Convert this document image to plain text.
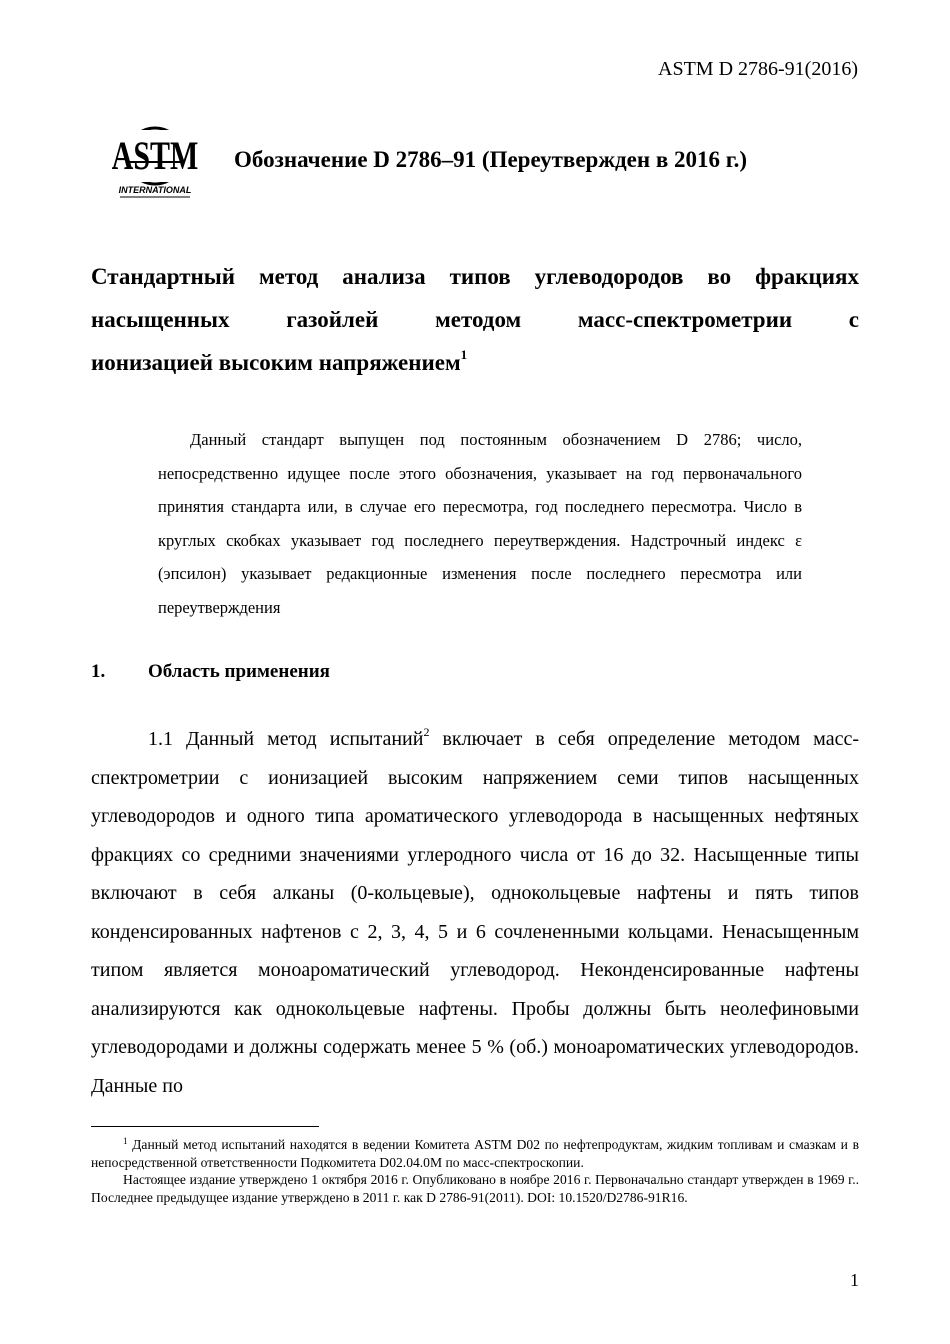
ASTM D 2786-91(2016)
ASTM
INTERNATIONAL
Обозначение D 2786–91 (Переутвержден в 2016 г.)
Стандартный метод анализа типов углеводородов во фракциях
насыщенных газойлей методом масс-спектрометрии с
ионизацией высоким напряжением$^1$
Данный стандарт выпущен под постоянным обозначением D 2786; число, непосредственно идущее после этого обозначения, указывает на год первоначального принятия стандарта или, в случае его пересмотра, год последнего пересмотра. Число в круглых скобках указывает год последнего переутверждения. Надстрочный индекс ε (эпсилон) указывает редакционные изменения после последнего пересмотра или переутверждения
1. Область применения
1.1 Данный метод испытаний$^2$ включает в себя определение методом масс-спектрометрии с ионизацией высоким напряжением семи типов насыщенных углеводородов и одного типа ароматического углеводорода в насыщенных нефтяных фракциях со средними значениями углеродного числа от 16 до 32. Насыщенные типы включают в себя алканы (0-кольцевые), однокольцевые нафтены и пять типов конденсированных нафтенов с 2, 3, 4, 5 и 6 сочлененными кольцами. Ненасыщенным типом является моноароматический углеводород. Неконденсированные нафтены анализируются как однокольцевые нафтены. Пробы должны быть неолефиновыми углеводородами и должны содержать менее 5 % (об.) моноароматических углеводородов. Данные по

$^1$ Данный метод испытаний находятся в ведении Комитета ASTM D02 по нефтепродуктам, жидким топливам и смазкам и в непосредственной ответственности Подкомитета D02.04.0M по масс-спектроскопии.

Настоящее издание утверждено 1 октября 2016 г. Опубликовано в ноябре 2016 г. Первоначально стандарт утвержден в 1969 г.. Последнее предыдущее издание утверждено в 2011 г. как D 2786-91(2011). DOI: 10.1520/D2786-91R16.

1
